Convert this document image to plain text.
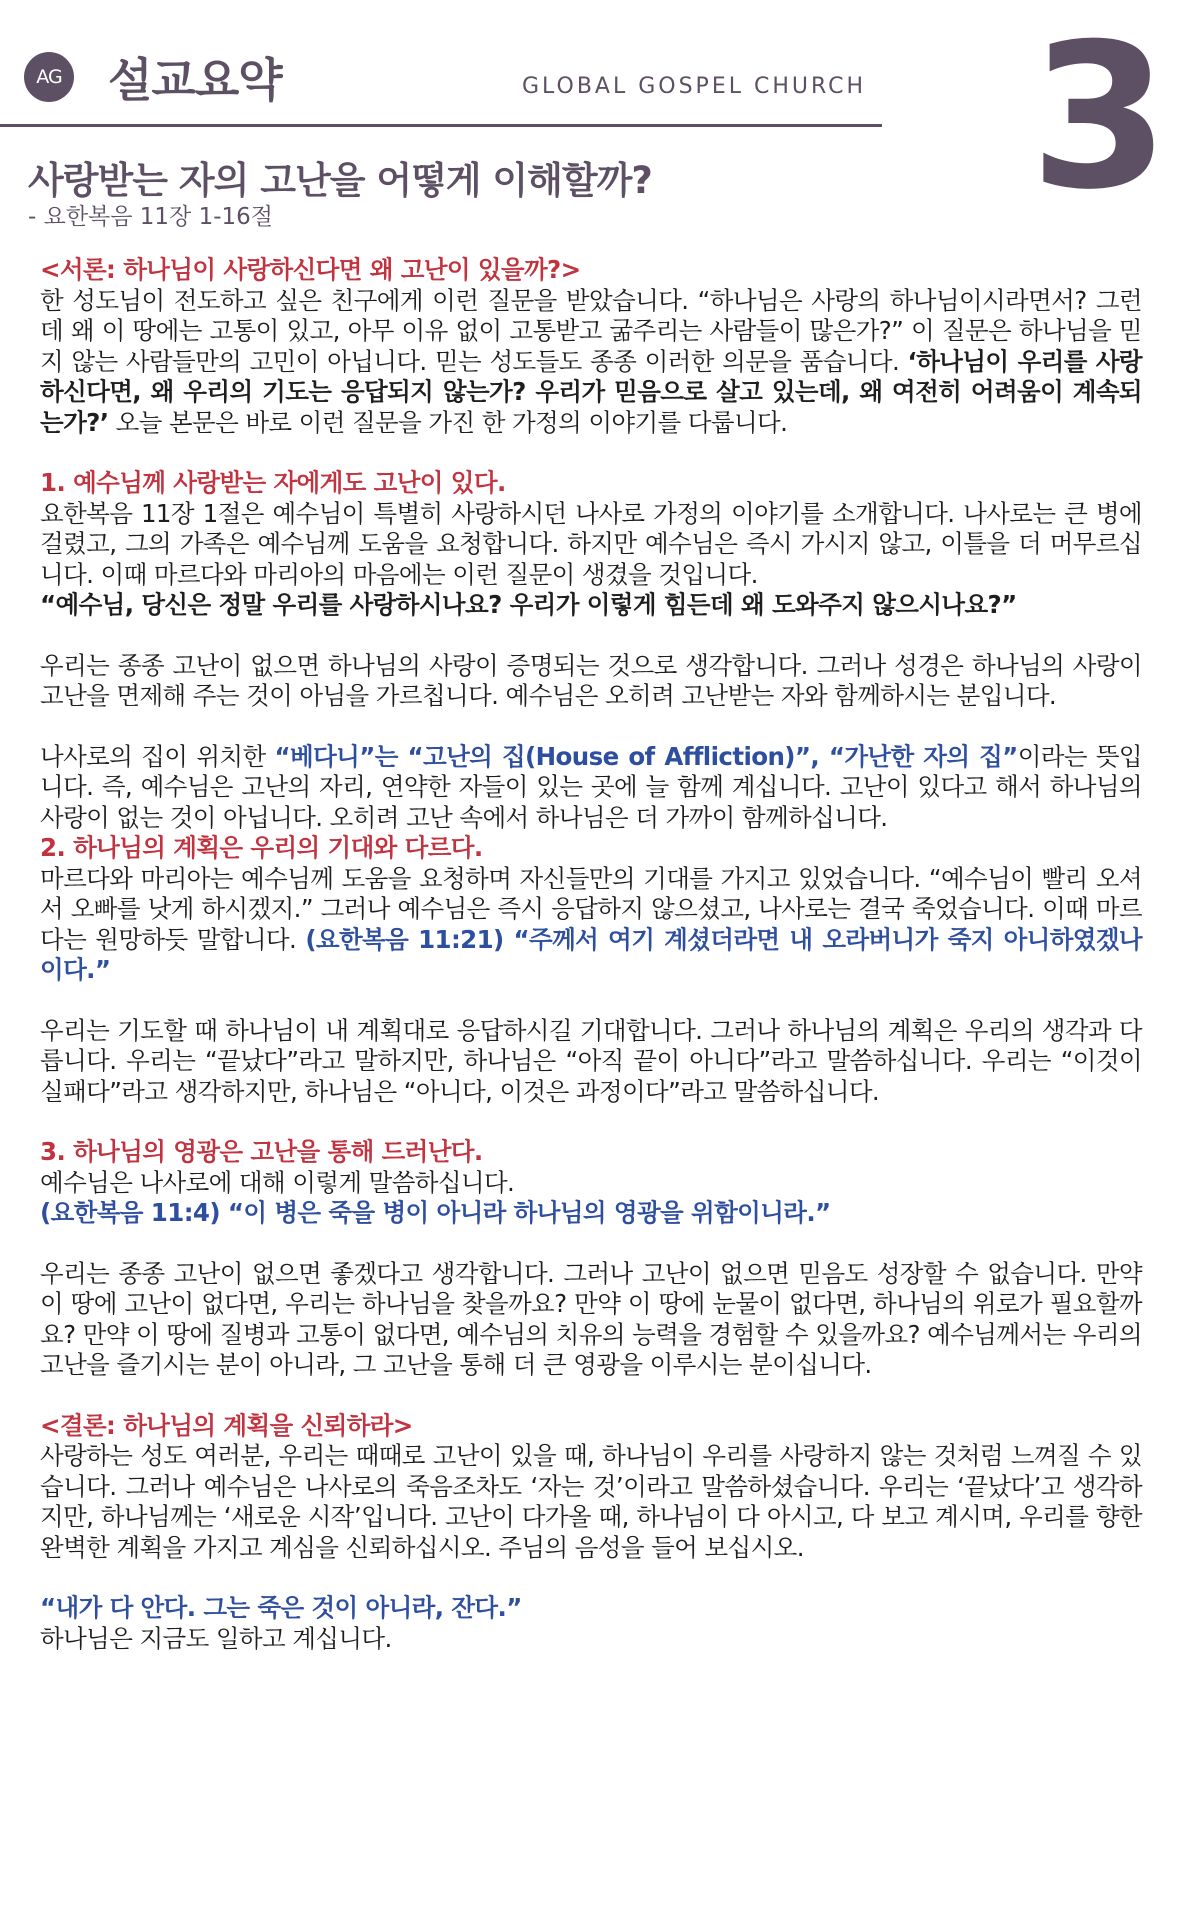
AG 설교요약	GLOBAL GOSPEL CHURCH 3
사랑받는 자의 고난을 어떻게 이해할까?
- 요한복음 11장 1-16절

<서론: 하나님이 사랑하신다면 왜 고난이 있을까?>

한 성도님이 전도하고 싶은 친구에게 이런 질문을 받았습니다. “하나님은 사랑의 하나님이시라면서? 그런데 왜 이 땅에는 고통이 있고, 아무 이유 없이 고통받고 굶주리는 사람들이 많은가?” 이 질문은 하나님을 믿지 않는 사람들만의 고민이 아닙니다. 믿는 성도들도 종종 이러한 의문을 품습니다. ‘하나님이 우리를 사랑하신다면, 왜 우리의 기도는 응답되지 않는가? 우리가 믿음으로 살고 있는데, 왜 여전히 어려움이 계속되는가?’ 오늘 본문은 바로 이런 질문을 가진 한 가정의 이야기를 다룹니다.

1. 예수님께 사랑받는 자에게도 고난이 있다.

요한복음 11장 1절은 예수님이 특별히 사랑하시던 나사로 가정의 이야기를 소개합니다. 나사로는 큰 병에 걸렸고, 그의 가족은 예수님께 도움을 요청합니다. 하지만 예수님은 즉시 가시지 않고, 이틀을 더 머무르십니다. 이때 마르다와 마리아의 마음에는 이런 질문이 생겼을 것입니다.
“예수님, 당신은 정말 우리를 사랑하시나요? 우리가 이렇게 힘든데 왜 도와주지 않으시나요?”

우리는 종종 고난이 없으면 하나님의 사랑이 증명되는 것으로 생각합니다. 그러나 성경은 하나님의 사랑이 고난을 면제해 주는 것이 아님을 가르칩니다. 예수님은 오히려 고난받는 자와 함께하시는 분입니다.

나사로의 집이 위치한 “베다니”는 “고난의 집(House of Affliction)”, “가난한 자의 집”이라는 뜻입니다. 즉, 예수님은 고난의 자리, 연약한 자들이 있는 곳에 늘 함께 계십니다. 고난이 있다고 해서 하나님의 사랑이 없는 것이 아닙니다. 오히려 고난 속에서 하나님은 더 가까이 함께하십니다.

2. 하나님의 계획은 우리의 기대와 다르다.

마르다와 마리아는 예수님께 도움을 요청하며 자신들만의 기대를 가지고 있었습니다. “예수님이 빨리 오셔서 오빠를 낫게 하시겠지.” 그러나 예수님은 즉시 응답하지 않으셨고, 나사로는 결국 죽었습니다. 이때 마르다는 원망하듯 말합니다. (요한복음 11:21) “주께서 여기 계셨더라면 내 오라버니가 죽지 아니하였겠나이다.”

우리는 기도할 때 하나님이 내 계획대로 응답하시길 기대합니다. 그러나 하나님의 계획은 우리의 생각과 다릅니다. 우리는 “끝났다”라고 말하지만, 하나님은 “아직 끝이 아니다”라고 말씀하십니다. 우리는 “이것이 실패다”라고 생각하지만, 하나님은 “아니다, 이것은 과정이다”라고 말씀하십니다.

3. 하나님의 영광은 고난을 통해 드러난다.

예수님은 나사로에 대해 이렇게 말씀하십니다.
(요한복음 11:4) “이 병은 죽을 병이 아니라 하나님의 영광을 위함이니라.”

우리는 종종 고난이 없으면 좋겠다고 생각합니다. 그러나 고난이 없으면 믿음도 성장할 수 없습니다. 만약 이 땅에 고난이 없다면, 우리는 하나님을 찾을까요? 만약 이 땅에 눈물이 없다면, 하나님의 위로가 필요할까요? 만약 이 땅에 질병과 고통이 없다면, 예수님의 치유의 능력을 경험할 수 있을까요? 예수님께서는 우리의 고난을 즐기시는 분이 아니라, 그 고난을 통해 더 큰 영광을 이루시는 분이십니다.

<결론: 하나님의 계획을 신뢰하라>

사랑하는 성도 여러분, 우리는 때때로 고난이 있을 때, 하나님이 우리를 사랑하지 않는 것처럼 느껴질 수 있습니다. 그러나 예수님은 나사로의 죽음조차도 ‘자는 것’이라고 말씀하셨습니다. 우리는 ‘끝났다’고 생각하지만, 하나님께는 ‘새로운 시작’입니다. 고난이 다가올 때, 하나님이 다 아시고, 다 보고 계시며, 우리를 향한 완벽한 계획을 가지고 계심을 신뢰하십시오. 주님의 음성을 들어 보십시오.

“내가 다 안다. 그는 죽은 것이 아니라, 잔다.”

하나님은 지금도 일하고 계십니다.
